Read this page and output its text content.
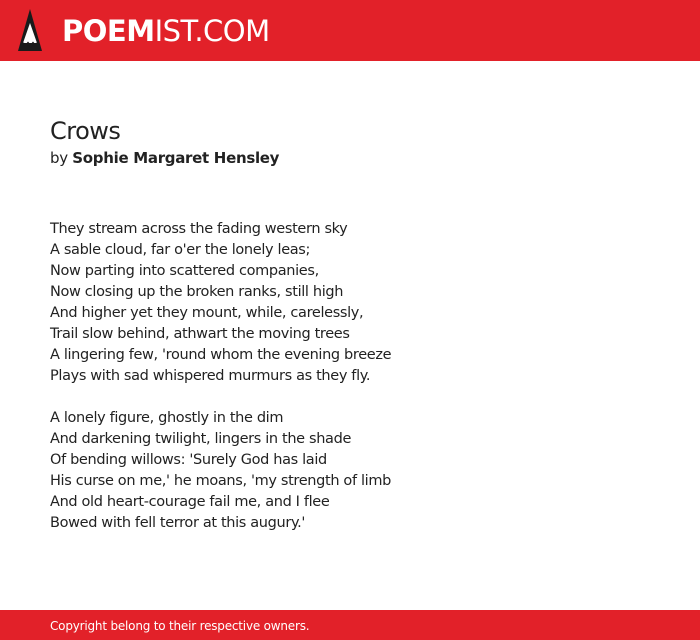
POEMIST.COM
Crows
by Sophie Margaret Hensley
They stream across the fading western sky
A sable cloud, far o'er the lonely leas;
Now parting into scattered companies,
Now closing up the broken ranks, still high
And higher yet they mount, while, carelessly,
Trail slow behind, athwart the moving trees
A lingering few, 'round whom the evening breeze
Plays with sad whispered murmurs as they fly.
A lonely figure, ghostly in the dim
And darkening twilight, lingers in the shade
Of bending willows: 'Surely God has laid
His curse on me,' he moans, 'my strength of limb
And old heart-courage fail me, and I flee
Bowed with fell terror at this augury.'
Copyright belong to their respective owners.
